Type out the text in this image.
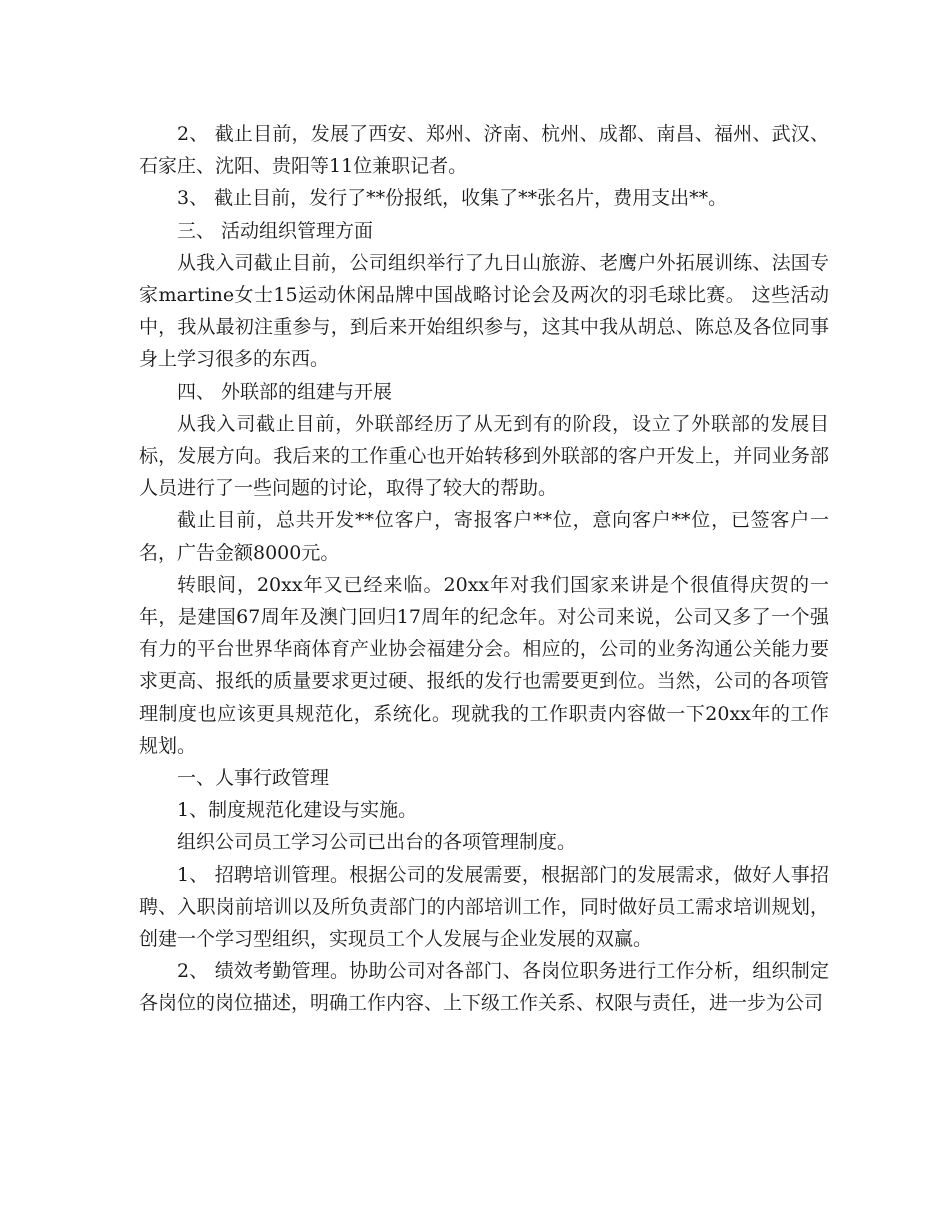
2、 截止目前，发展了西安、郑州、济南、杭州、成都、南昌、福州、武汉、石家庄、沈阳、贵阳等11位兼职记者。

3、 截止目前，发行了**份报纸，收集了**张名片，费用支出**。

三、 活动组织管理方面

从我入司截止目前，公司组织举行了九日山旅游、老鹰户外拓展训练、法国专家martine女士15运动休闲品牌中国战略讨论会及两次的羽毛球比赛。 这些活动中，我从最初注重参与，到后来开始组织参与，这其中我从胡总、陈总及各位同事身上学习很多的东西。

四、 外联部的组建与开展

从我入司截止目前，外联部经历了从无到有的阶段，设立了外联部的发展目标，发展方向。我后来的工作重心也开始转移到外联部的客户开发上，并同业务部人员进行了一些问题的讨论，取得了较大的帮助。

截止目前，总共开发**位客户，寄报客户**位，意向客户**位，已签客户一名，广告金额8000元。

转眼间，20xx年又已经来临。20xx年对我们国家来讲是个很值得庆贺的一年，是建国67周年及澳门回归17周年的纪念年。对公司来说，公司又多了一个强有力的平台世界华商体育产业协会福建分会。相应的，公司的业务沟通公关能力要求更高、报纸的质量要求更过硬、报纸的发行也需要更到位。当然，公司的各项管理制度也应该更具规范化，系统化。现就我的工作职责内容做一下20xx年的工作规划。

一、人事行政管理

1、制度规范化建设与实施。

组织公司员工学习公司已出台的各项管理制度。

1、 招聘培训管理。根据公司的发展需要，根据部门的发展需求，做好人事招聘、入职岗前培训以及所负责部门的内部培训工作，同时做好员工需求培训规划，创建一个学习型组织，实现员工个人发展与企业发展的双赢。

2、 绩效考勤管理。协助公司对各部门、各岗位职务进行工作分析，组织制定各岗位的岗位描述，明确工作内容、上下级工作关系、权限与责任，进一步为公司
